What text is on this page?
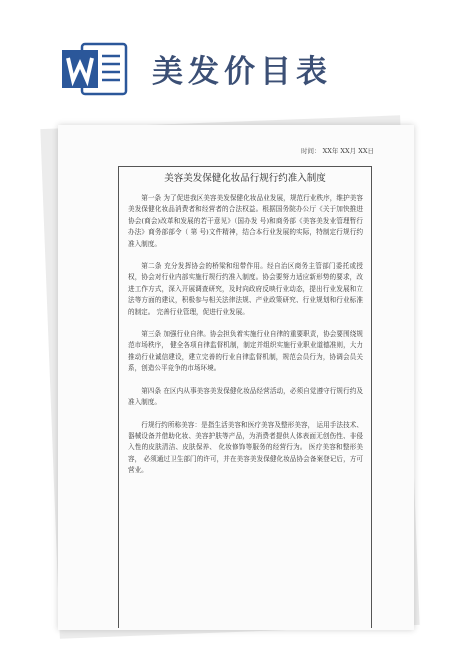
美发价目表
时间： XX年 XX月 XX日
美容美发保健化妆品行规行约准入制度

第一条 为了促进我区美容美发保健化妆品业发展，规范行业秩序，维护美容美发保健化妆品消费者和经营者的合法权益。根据国务院办公厅《关于加快推进协会(商会)改革和发展的若干意见》（国办发 号)和商务部《美容美发业管理暂行办法》商务部部令（ 第 号)文件精神，结合本行业发展的实际，特制定行规行约准入制度。

第二条 充分发挥协会的桥梁和纽带作用。经自治区商务主管部门委托或授权，协会对行业内部实施行规行约准入制度。协会要努力适应新形势的要求，改进工作方式，深入开展调查研究，及时向政府反映行业动态，提出行业发展和立法等方面的建议，积极参与相关法律法规、产业政策研究、行业规划和行业标准的制定。 完善行业管理，促进行业发展。

第三条 加强行业自律。协会担负着实施行业自律的重要职责，协会要围绕规范市场秩序， 健全各项自律监督机制，制定并组织实施行业职业道德准则，大力推动行业诚信建设，建立完善的行业自律监督机制，规范会员行为，协调会员关系，创造公平竞争的市场环境。

第四条 在区内从事美容美发保健化妆品经营活动，必须自觉遵守行规行约及准入制度。

行规行约所称美容：是指生活美容和医疗美容及整形美容， 运用手法技术、器械设备并借助化妆、美容护肤等产品，为消费者提供人体表面无创伤性、非侵入性的皮肤清洁、皮肤保养、 化妆修饰等服务的经营行为。 医疗美容和整形美容， 必须通过卫生部门的许可，并在美容美发保健化妆品协会备案登记后，方可营业。
